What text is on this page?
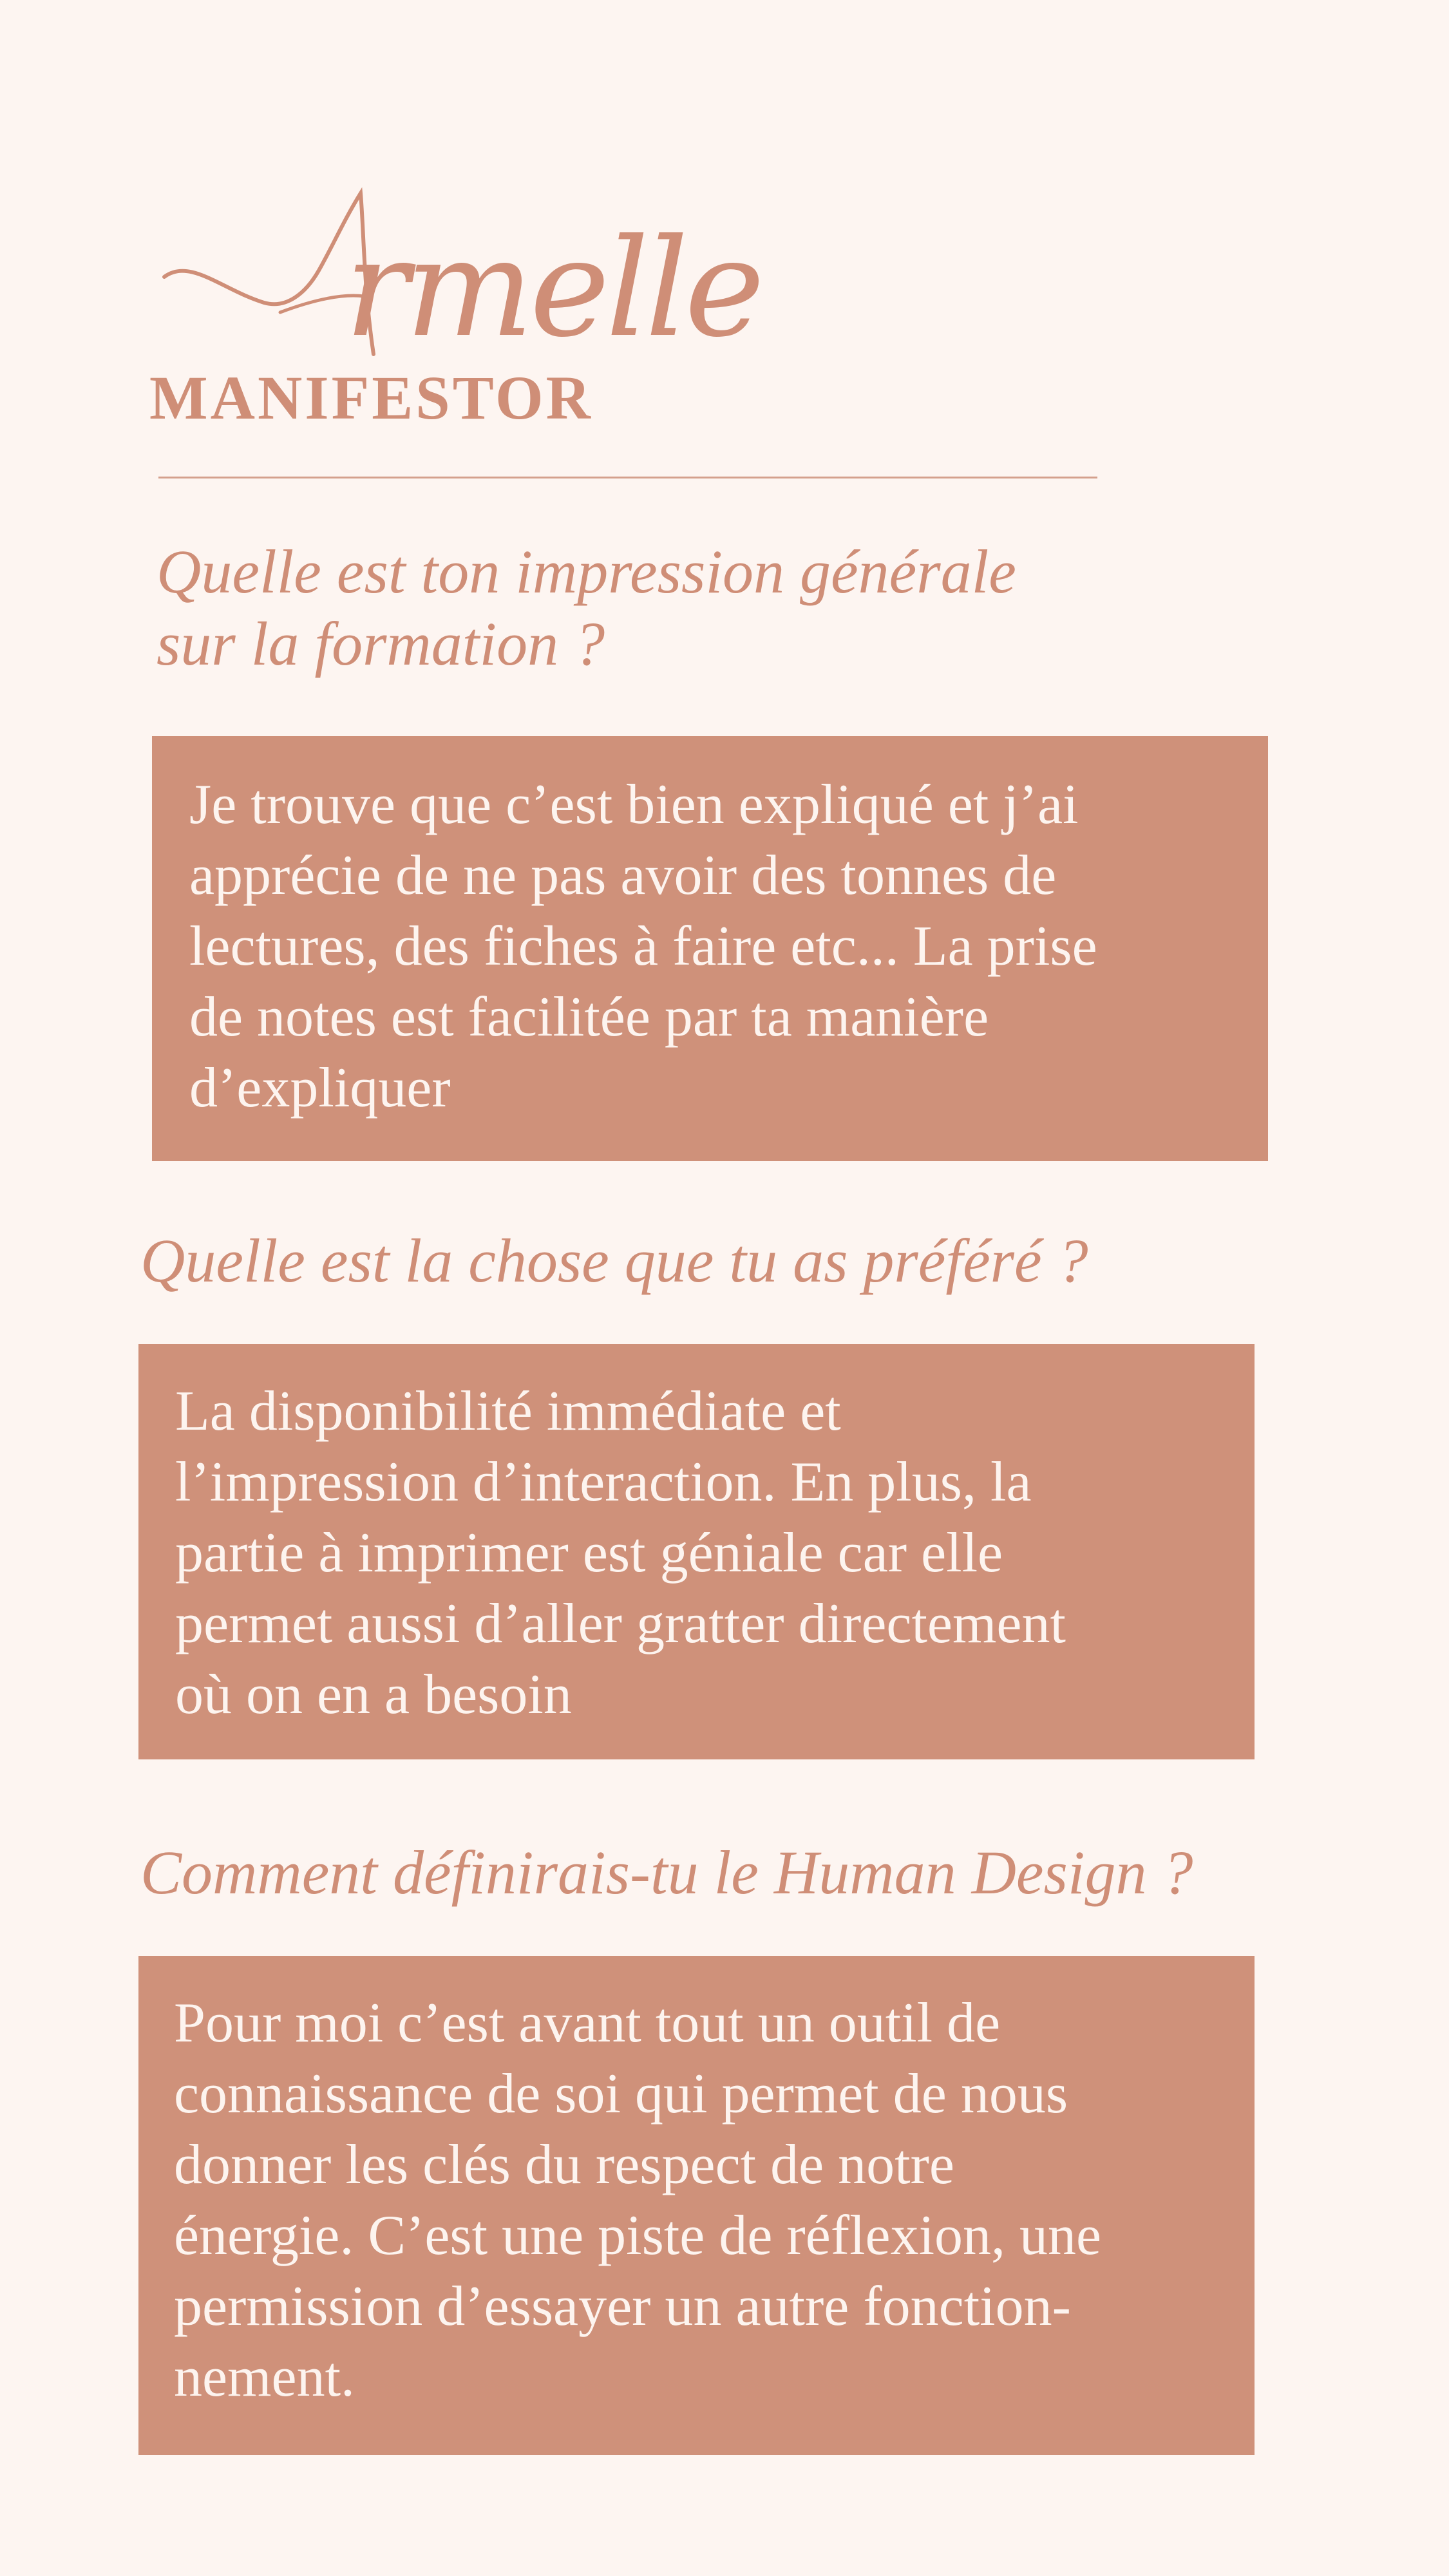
rmelle
MANIFESTOR

Quelle est ton impression générale
sur la formation ?

Je trouve que c’est bien expliqué et j’ai
apprécie de ne pas avoir des tonnes de
lectures, des fiches à faire etc... La prise
de notes est facilitée par ta manière
d’expliquer

Quelle est la chose que tu as préféré ?

La disponibilité immédiate et
l’impression d’interaction. En plus, la
partie à imprimer est géniale car elle
permet aussi d’aller gratter directement
où on en a besoin

Comment définirais-tu le Human Design ?

Pour moi c’est avant tout un outil de
connaissance de soi qui permet de nous
donner les clés du respect de notre
énergie. C’est une piste de réflexion, une
permission d’essayer un autre fonction-
nement.
